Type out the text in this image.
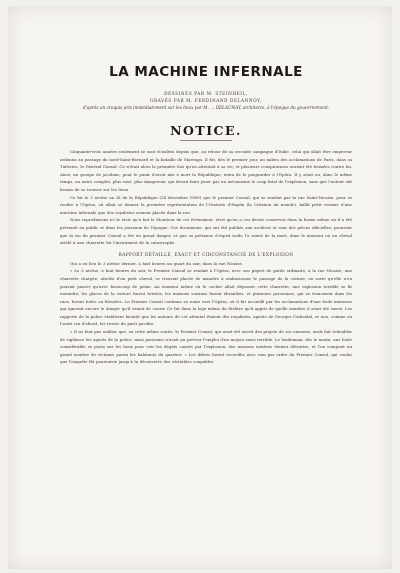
LA MACHINE INFERNALE
DESSINÉS PAR M. STEINHEIL,
GRAVÉS PAR M. FERDINAND DELANNOY,
d'après un croquis pris immédiatement sur les lieux par M. … DELAUNAY, architecte, à l'époque du gouvernement.
NOTICE.

Cinquante-trois années seulement se sont écoulées depuis que, au retour de sa seconde campagne d'Italie, celui qui allait être empereur ordonna au passage du nord-Saint-Bernard et la bataille de Marengo. Il fut, dès le premier jour, au milieu des acclamations de Paris, dans sa Tuileries, le Général Consul. Ce n'était alors la première fois qu'on attentait à sa vie; et plusieurs conspirations avaient été formées contre lui. Ainsi, un groupe de jacobins, pour le punir d'avoir mis à mort la République, tenta de le poignarder à l'Opéra. Il y avait eu, dans le même temps, un autre complot, plus rusé, plus dangereux, qui devait faire jouer par un mécanisme le coup fatal de l'explosion, sans que l'auteur eût besoin de se trouver sur les lieux.

Ce fut le 3 nivôse an IX de la République (24 décembre 1800) que le premier Consul, qui se rendait par la rue Saint-Nicaise, pour se rendre à l'Opéra, où allait se donner la première représentation de l'Oratorio d'Haydn (la Création du monde), faillit périr victime d'une machine infernale que des royalistes avaient placée dans la rue.

Nous reproduisons ici le récit qu'a fait le Moniteur de cet événement, récit qu'on a cru devoir conserver dans la forme même où il a été présenté au public et dans les journaux de l'époque. Ces documents, qui ont été publiés aux archives et sont des pièces officielles, prouvent que la vie du premier Consul a été en grand danger, et que sa présence d'esprit seule l'a sauvé de la mort, dans le moment où un cheval attelé à une charrette fut l'instrument de la catastrophe.

RAPPORT DÉTAILLÉ, EXACT ET CIRCONSTANCIÉ DE L'EXPLOSION

Qui a eu lieu le 3 nivôse dernier, à huit heures un quart du soir, dans la rue Nicaise.

« Le 3 nivôse, à huit heures du soir, le Premier Consul se rendait à l'Opéra, avec son piquet de garde ordinaire, à la rue Nicaise; une charrette chargée, attelée d'un petit cheval, se trouvait placée de manière à embarrasser le passage de la voiture, en sorte qu'elle n'en pouvait passer qu'avec beaucoup de peine. Au moment même où le cocher allait dépasser cette charrette, une explosion terrible se fit entendre; les glaces de la voiture furent brisées, les maisons voisines furent ébranlées, et plusieurs personnes, qui se trouvaient dans les rues, furent tuées ou blessées. Le Premier Consul continua sa route vers l'Opéra, où il fut accueilli par les acclamations d'une foule immense qui ignorait encore le danger qu'il venait de courir. Ce fut dans la loge même du théâtre qu'il apprit de quelle manière il avait été sauvé. Les rapports de la police établirent bientôt que les auteurs de cet attentat étaient des royalistes, agents de Georges Cadoudal, et non, comme on l'avait cru d'abord, les restes du parti jacobin.

« Il ne faut pas oublier que, en cette même soirée, le Premier Consul, qui avait été averti des projets de ses ennemis, avait fait redoubler de vigilance les agents de la police; mais personne n'avait pu prévoir l'emploi d'un moyen aussi terrible. Le lendemain, dès le matin, une foule considérable se porta sur les lieux pour voir les dégâts causés par l'explosion; des maisons entières étaient détruites, et l'on comptait un grand nombre de victimes parmi les habitants du quartier. » Les débris furent recueillis avec soin par ordre du Premier Consul, qui voulut que l'enquête fût poursuivie jusqu'à la découverte des véritables coupables.
